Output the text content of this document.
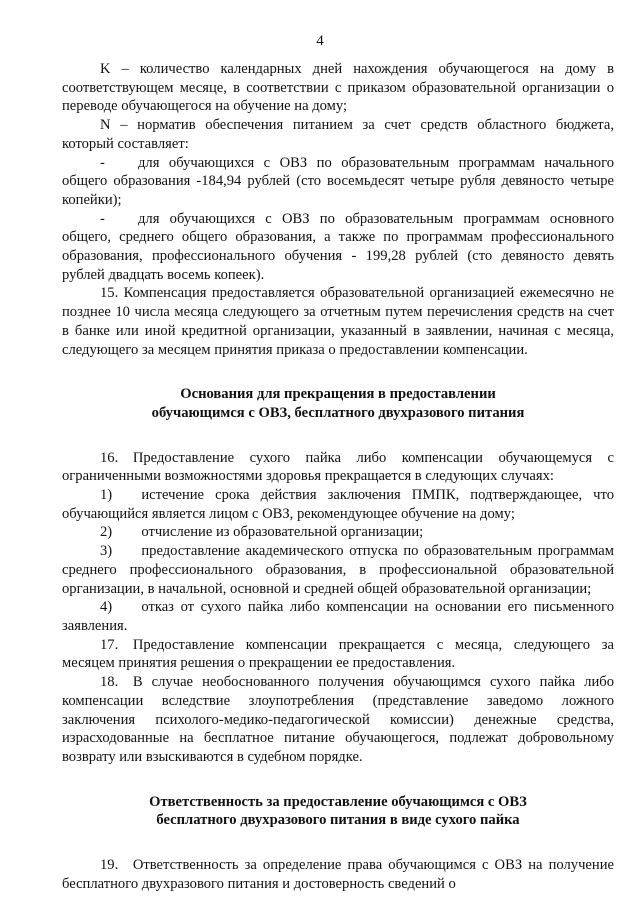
4

K – количество календарных дней нахождения обучающегося на дому в соответствующем месяце, в соответствии с приказом образовательной организации о переводе обучающегося на обучение на дому;

N – норматив обеспечения питанием за счет средств областного бюджета, который составляет:

- для обучающихся с ОВЗ по образовательным программам начального общего образования -184,94 рублей (сто восемьдесят четыре рубля девяносто четыре копейки);

- для обучающихся с ОВЗ по образовательным программам основного общего, среднего общего образования, а также по программам профессионального образования, профессионального обучения - 199,28 рублей (сто девяносто девять рублей двадцать восемь копеек).

15. Компенсация предоставляется образовательной организацией ежемесячно не позднее 10 числа месяца следующего за отчетным путем перечисления средств на счет в банке или иной кредитной организации, указанный в заявлении, начиная с месяца, следующего за месяцем принятия приказа о предоставлении компенсации.

Основания для прекращения в предоставлении
обучающимся с ОВЗ, бесплатного двухразового питания

16. Предоставление сухого пайка либо компенсации обучающемуся с ограниченными возможностями здоровья прекращается в следующих случаях:

1)  истечение срока действия заключения ПМПК, подтверждающее, что обучающийся является лицом с ОВЗ, рекомендующее обучение на дому;

2)  отчисление из образовательной организации;

3)  предоставление академического отпуска по образовательным программам среднего профессионального образования, в профессиональной образовательной организации, в начальной, основной и средней общей образовательной организации;

4)  отказ от сухого пайка либо компенсации на основании его письменного заявления.

17. Предоставление компенсации прекращается с месяца, следующего за месяцем принятия решения о прекращении ее предоставления.

18. В случае необоснованного получения обучающимся сухого пайка либо компенсации вследствие злоупотребления (представление заведомо ложного заключения психолого-медико-педагогической комиссии) денежные средства, израсходованные на бесплатное питание обучающегося, подлежат добровольному возврату или взыскиваются в судебном порядке.

Ответственность за предоставление обучающимся с ОВЗ
бесплатного двухразового питания в виде сухого пайка

19. Ответственность за определение права обучающимся с ОВЗ на получение бесплатного двухразового питания и достоверность сведений о
